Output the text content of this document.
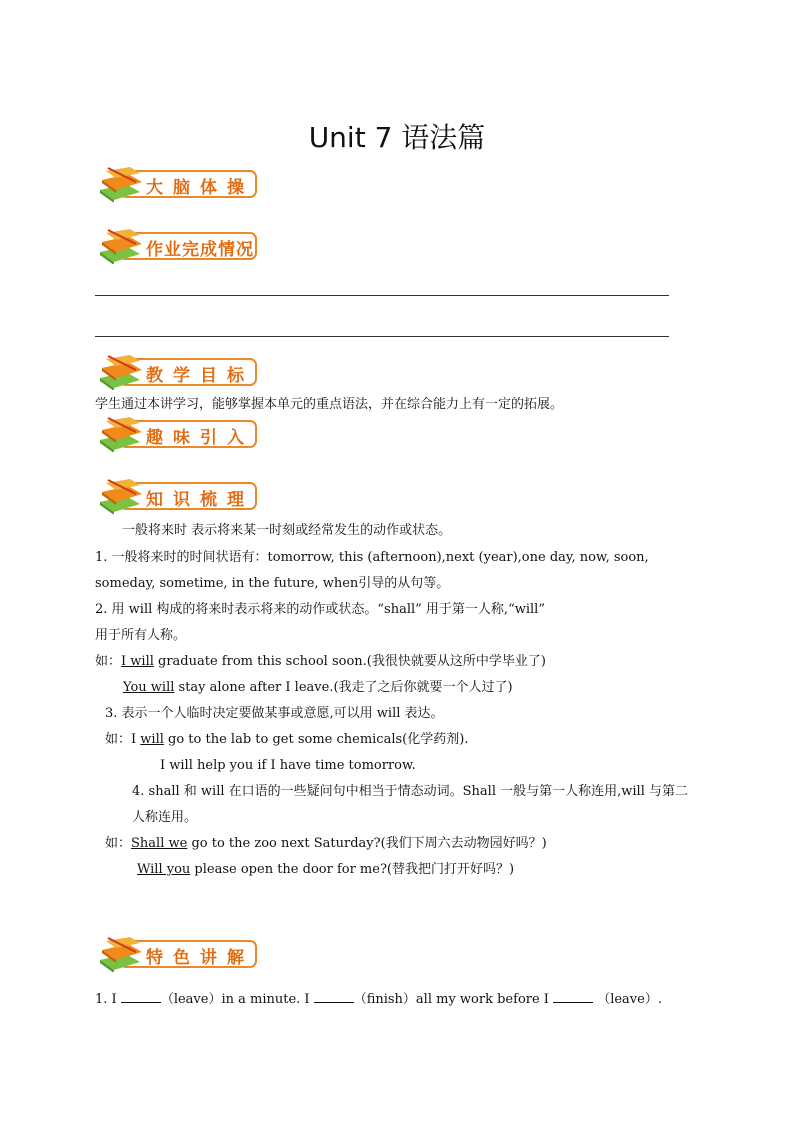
Unit 7 语法篇
大脑体操
作业完成情况
教学目标
学生通过本讲学习，能够掌握本单元的重点语法，并在综合能力上有一定的拓展。
趣味引入
知识梳理
一般将来时 表示将来某一时刻或经常发生的动作或状态。
1. 一般将来时的时间状语有：tomorrow, this (afternoon),next (year),one day, now, soon,
someday, sometime, in the future, when引导的从句等。
2. 用 will 构成的将来时表示将来的动作或状态。“shall” 用于第一人称,“will”
用于所有人称。
如：I will graduate from this school soon.(我很快就要从这所中学毕业了)
You will stay alone after I leave.(我走了之后你就要一个人过了)
3. 表示一个人临时决定要做某事或意愿,可以用 will 表达。
如：I will go to the lab to get some chemicals(化学药剂).
I will help you if I have time tomorrow.
4. shall 和 will 在口语的一些疑问句中相当于情态动词。Shall 一般与第一人称连用,will 与第二
人称连用。
如：Shall we go to the zoo next Saturday?(我们下周六去动物园好吗？)
Will you please open the door for me?(替我把门打开好吗？)
特色讲解
1. I	（leave）in a minute. I	（finish）all my work before I	（leave）.
